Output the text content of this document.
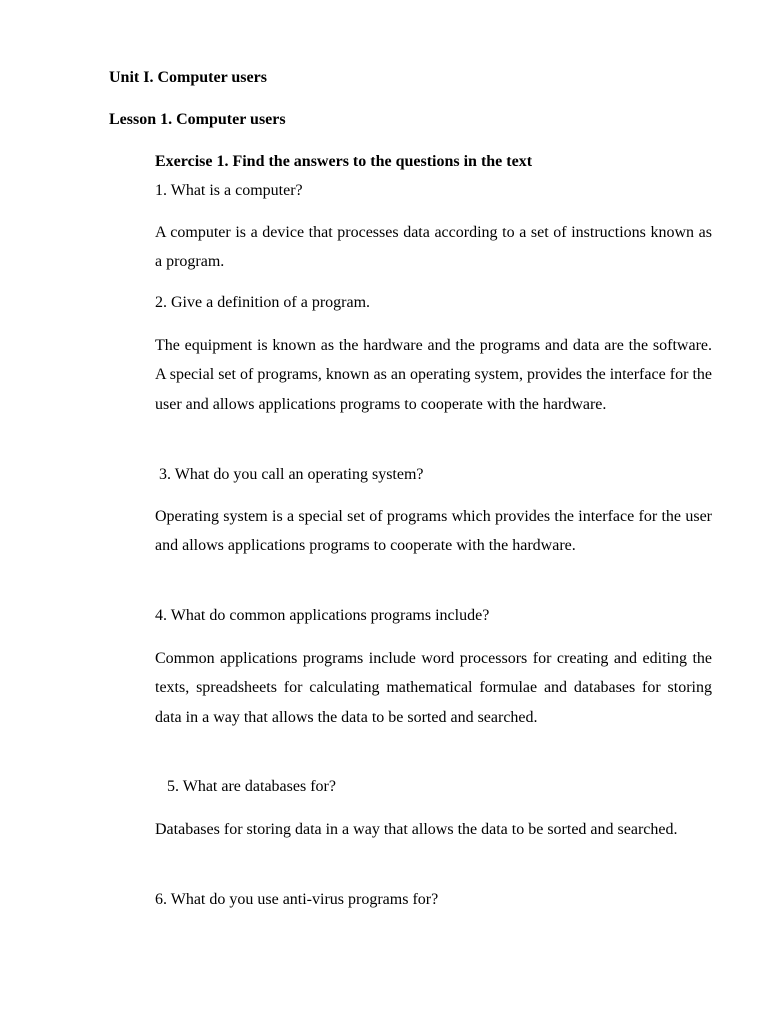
Unit I. Computer users
Lesson 1. Computer users
Exercise 1. Find the answers to the questions in the text

1. What is a computer?

A computer is a device that processes data according to a set of instructions known as a program.

2. Give a definition of a program.

The equipment is known as the hardware and the programs and data are the software. A special set of programs, known as an operating system, provides the interface for the user and allows applications programs to cooperate with the hardware.

3. What do you call an operating system?

Operating system is a special set of programs which provides the interface for the user and allows applications programs to cooperate with the hardware.

4. What do common applications programs include?

Common applications programs include word processors for creating and editing the texts, spreadsheets for calculating mathematical formulae and databases for storing data in a way that allows the data to be sorted and searched.

5. What are databases for?

Databases for storing data in a way that allows the data to be sorted and searched.

6. What do you use anti-virus programs for?
